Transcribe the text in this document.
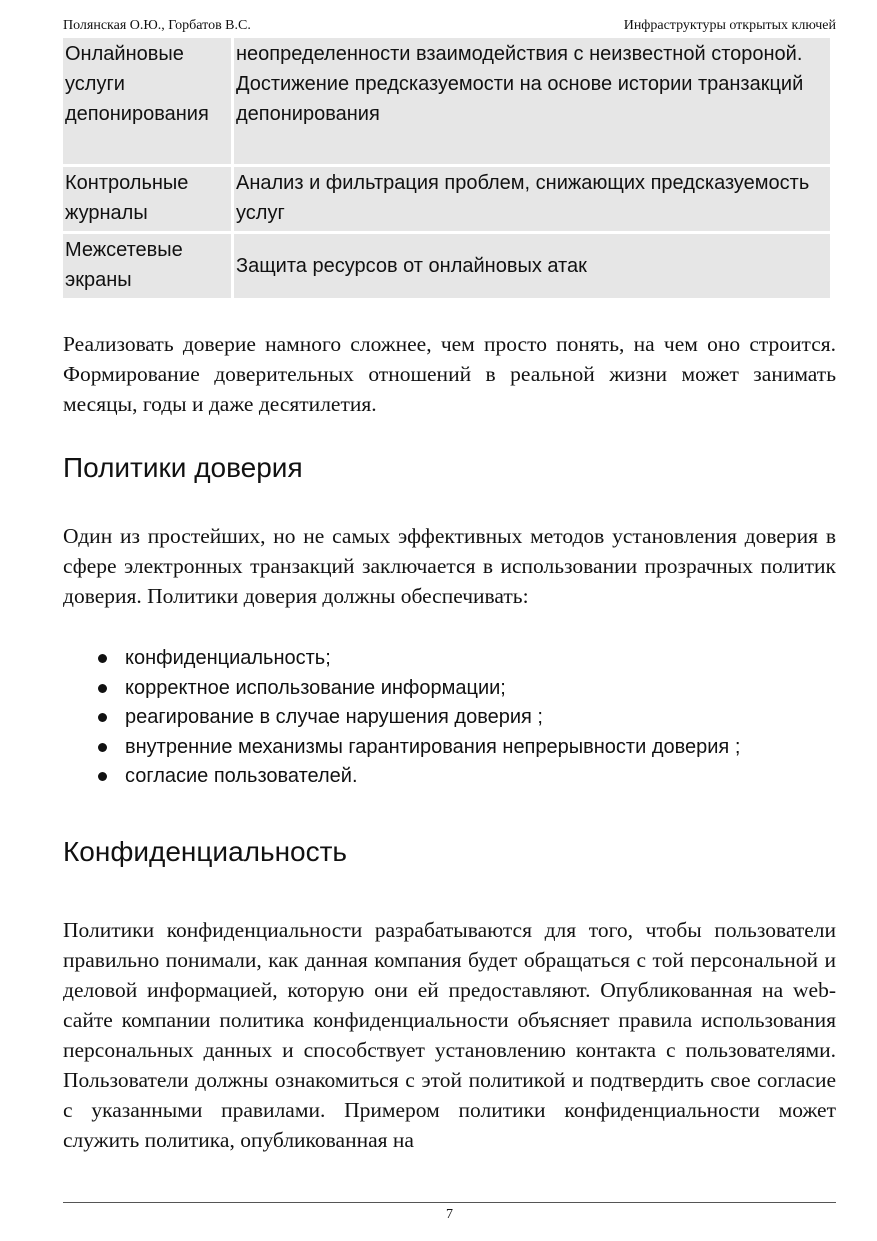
Полянская О.Ю., Горбатов В.С.	Инфраструктуры открытых ключей
Онлайновые услуги депонирования	неопределенности взаимодействия с неизвестной стороной. Достижение предсказуемости на основе истории транзакций депонирования
Контрольные журналы	Анализ и фильтрация проблем, снижающих предсказуемость услуг
Межсетевые экраны	Защита ресурсов от онлайновых атак

Реализовать доверие намного сложнее, чем просто понять, на чем оно строится. Формирование доверительных отношений в реальной жизни может занимать месяцы, годы и даже десятилетия.

Политики доверия

Один из простейших, но не самых эффективных методов установления доверия в сфере электронных транзакций заключается в использовании прозрачных политик доверия. Политики доверия должны обеспечивать:

конфиденциальность;
корректное использование информации;
реагирование в случае нарушения доверия ;
внутренние механизмы гарантирования непрерывности доверия ;
согласие пользователей.
Конфиденциальность

Политики конфиденциальности разрабатываются для того, чтобы пользователи правильно понимали, как данная компания будет обращаться с той персональной и деловой информацией, которую они ей предоставляют. Опубликованная на web-сайте компании политика конфиденциальности объясняет правила использования персональных данных и способствует установлению контакта с пользователями. Пользователи должны ознакомиться с этой политикой и подтвердить свое согласие с указанными правилами. Примером политики конфиденциальности может служить политика, опубликованная на

7
